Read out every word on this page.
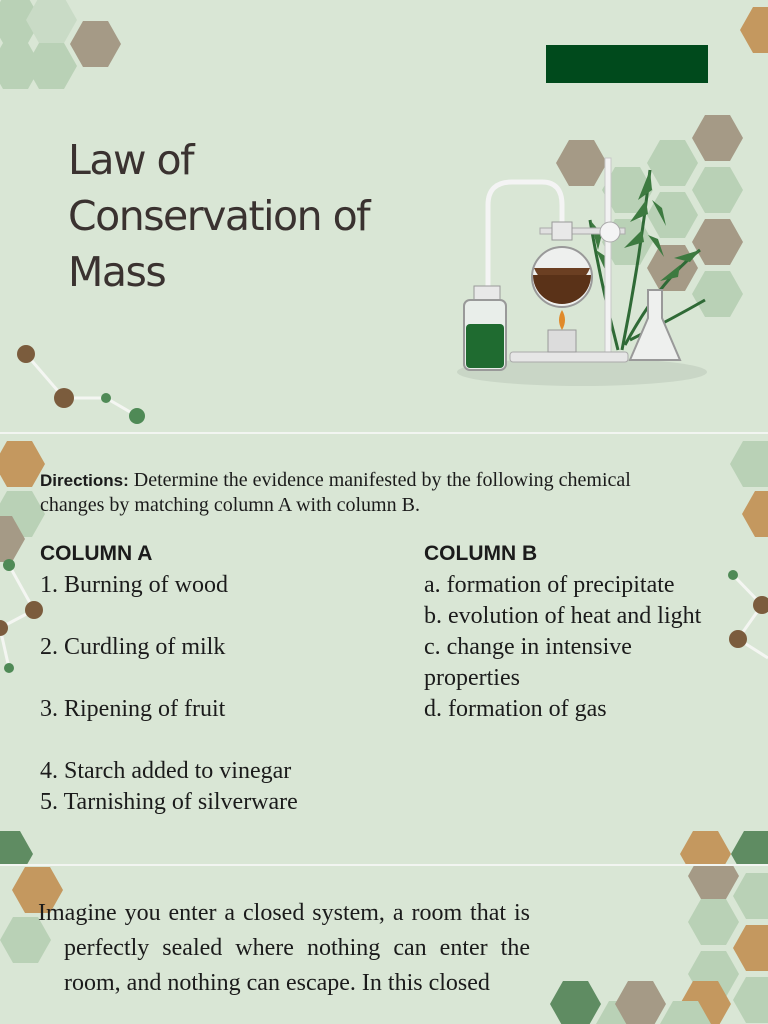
Law of
Conservation of
Mass
Directions: Determine the evidence manifested by the following chemical changes by matching column A with column B.
COLUMN A

1. Burning of wood

2. Curdling of milk

3. Ripening of fruit

4. Starch added to vinegar

5. Tarnishing of silverware

COLUMN B

a. formation of precipitate

b. evolution of heat and light

c. change in intensive properties

d. formation of gas

Imagine you enter a closed system, a room that is perfectly sealed where nothing can enter the room, and nothing can escape. In this closed
